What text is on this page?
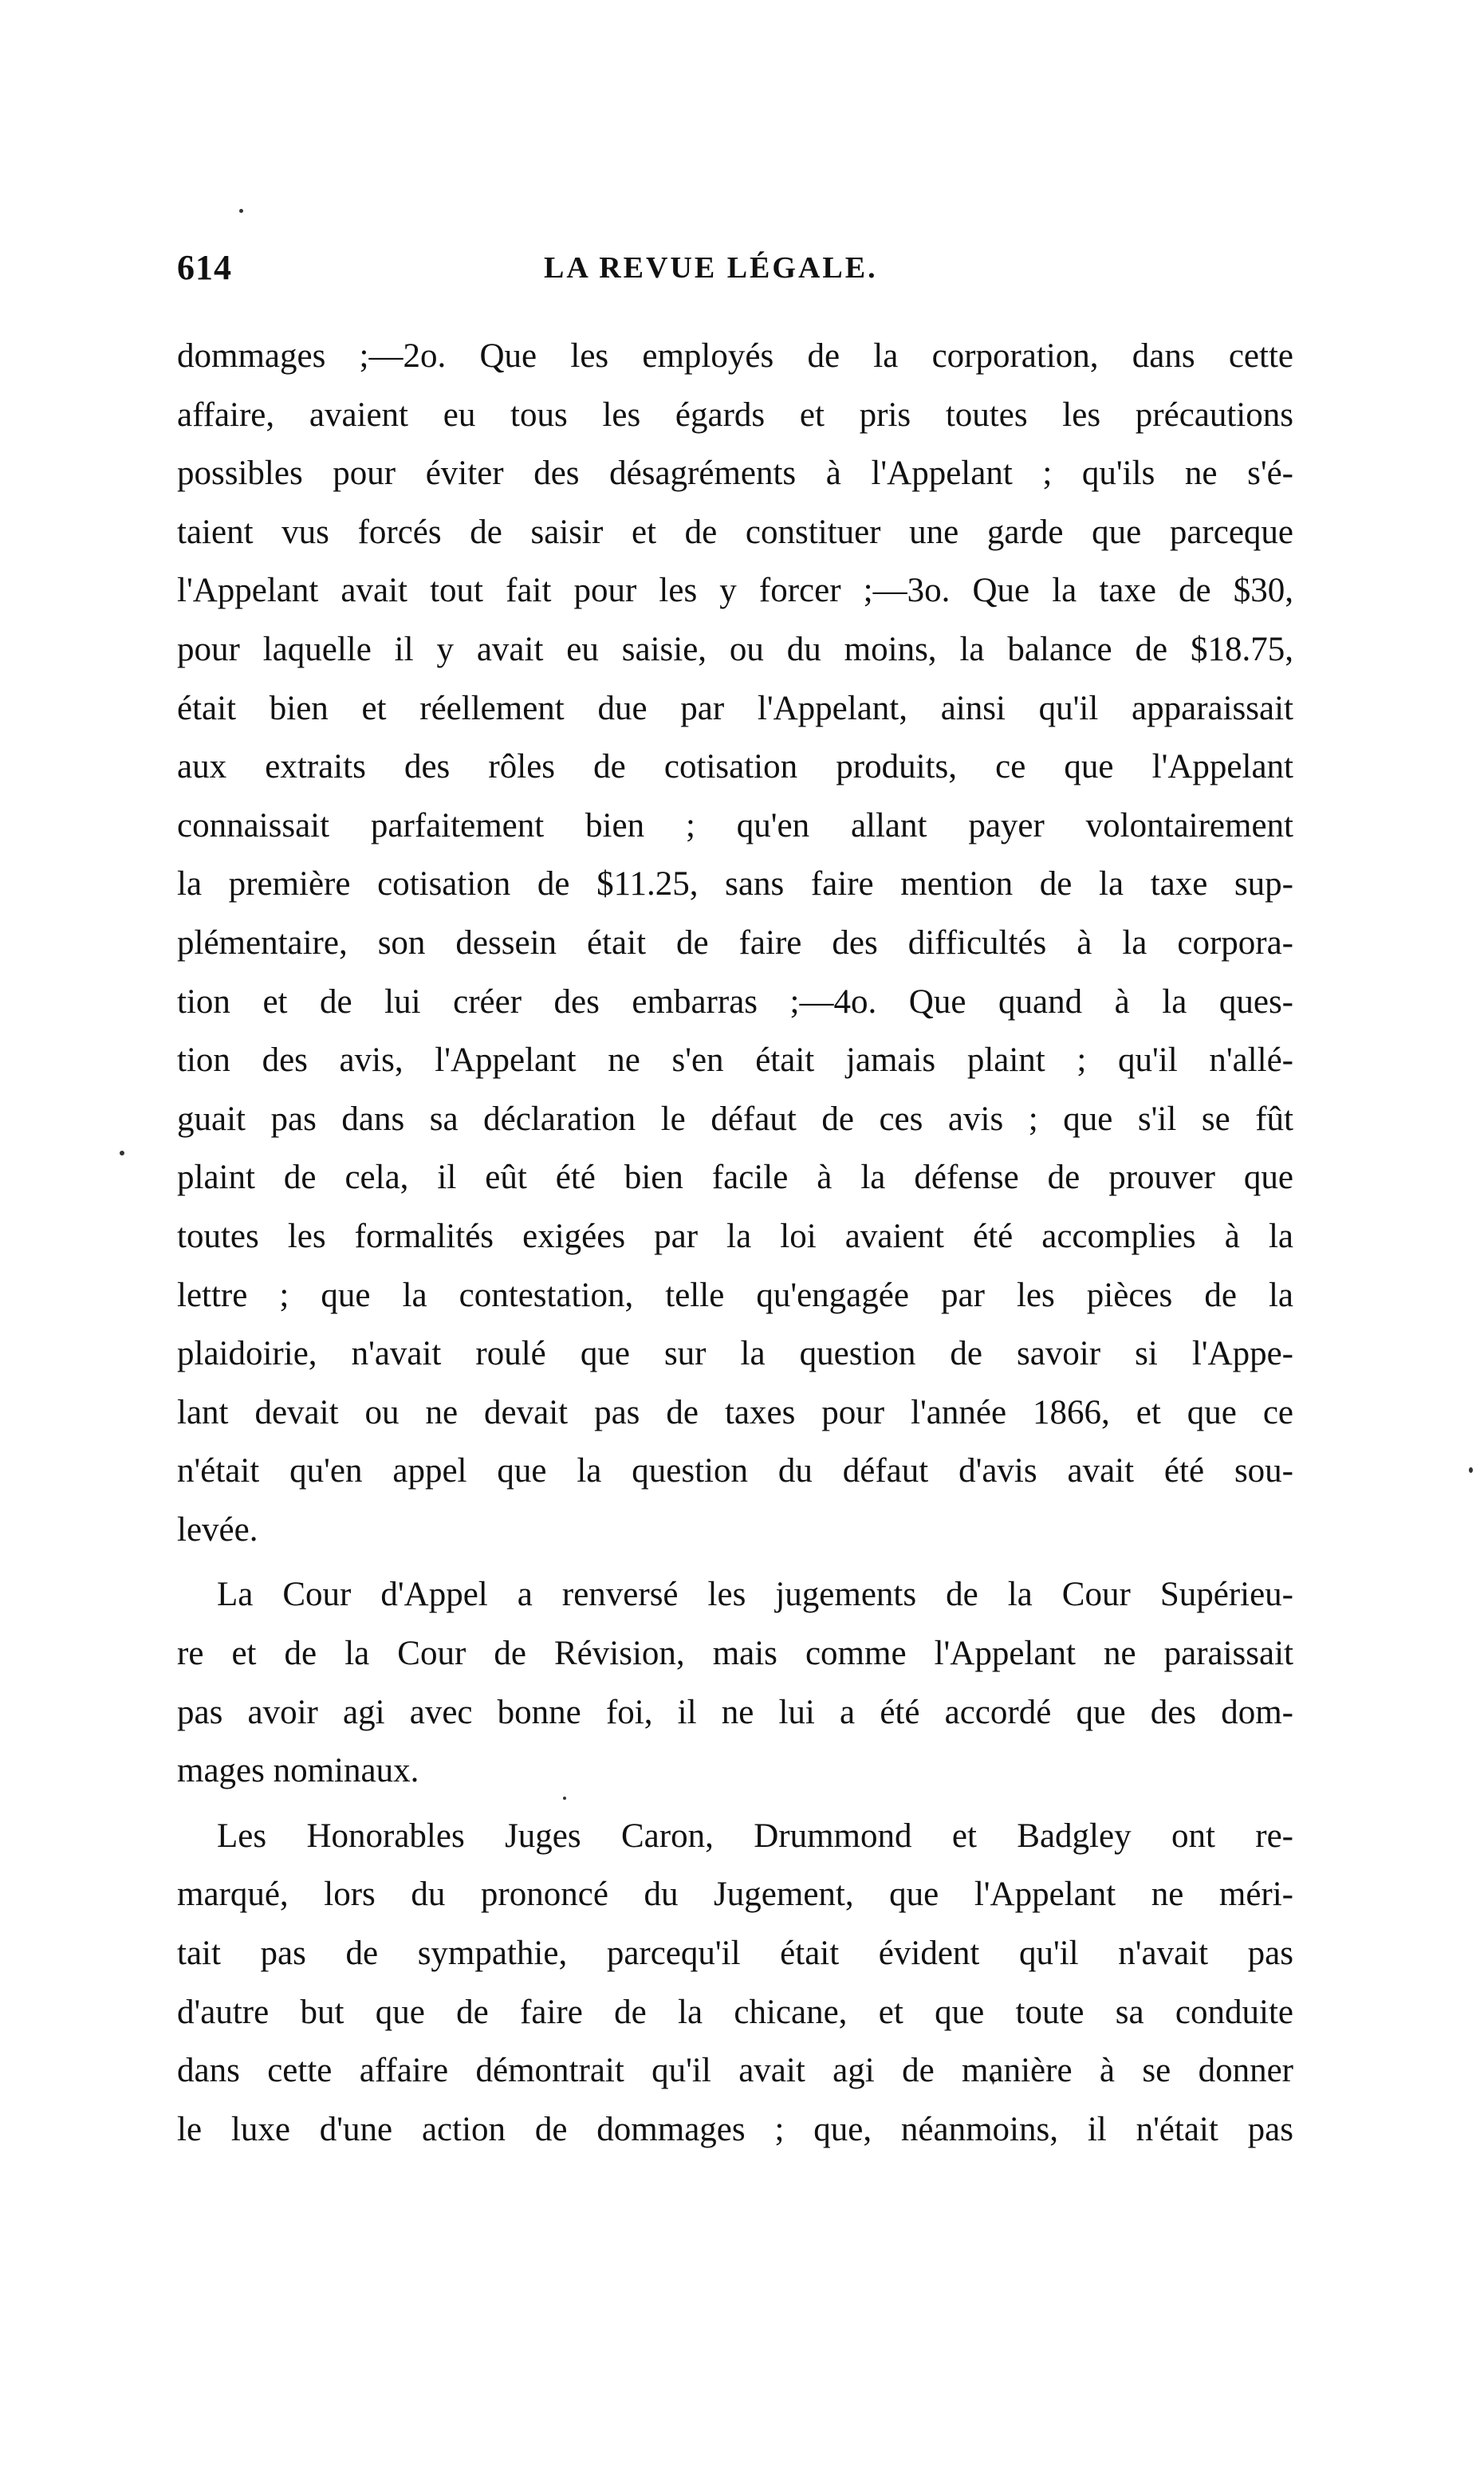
614	LA REVUE LÉGALE.
dommages ;—2o. Que les employés de la corporation, dans cette
affaire, avaient eu tous les égards et pris toutes les précautions
possibles pour éviter des désagréments à l'Appelant ; qu'ils ne s'é-
taient vus forcés de saisir et de constituer une garde que parceque
l'Appelant avait tout fait pour les y forcer ;—3o. Que la taxe de $30,
pour laquelle il y avait eu saisie, ou du moins, la balance de $18.75,
était bien et réellement due par l'Appelant, ainsi qu'il apparaissait
aux extraits des rôles de cotisation produits, ce que l'Appelant
connaissait parfaitement bien ; qu'en allant payer volontairement
la première cotisation de $11.25, sans faire mention de la taxe sup-
plémentaire, son dessein était de faire des difficultés à la corpora-
tion et de lui créer des embarras ;—4o. Que quand à la ques-
tion des avis, l'Appelant ne s'en était jamais plaint ; qu'il n'allé-
guait pas dans sa déclaration le défaut de ces avis ; que s'il se fût
plaint de cela, il eût été bien facile à la défense de prouver que
toutes les formalités exigées par la loi avaient été accomplies à la
lettre ; que la contestation, telle qu'engagée par les pièces de la
plaidoirie, n'avait roulé que sur la question de savoir si l'Appe-
lant devait ou ne devait pas de taxes pour l'année 1866, et que ce
n'était qu'en appel que la question du défaut d'avis avait été sou-
levée.
La Cour d'Appel a renversé les jugements de la Cour Supérieu-
re et de la Cour de Révision, mais comme l'Appelant ne paraissait
pas avoir agi avec bonne foi, il ne lui a été accordé que des dom-
mages nominaux.
Les Honorables Juges Caron, Drummond et Badgley ont re-
marqué, lors du prononcé du Jugement, que l'Appelant ne méri-
tait pas de sympathie, parcequ'il était évident qu'il n'avait pas
d'autre but que de faire de la chicane, et que toute sa conduite
dans cette affaire démontrait qu'il avait agi de manière à se donner
le luxe d'une action de dommages ; que, néanmoins, il n'était pas
